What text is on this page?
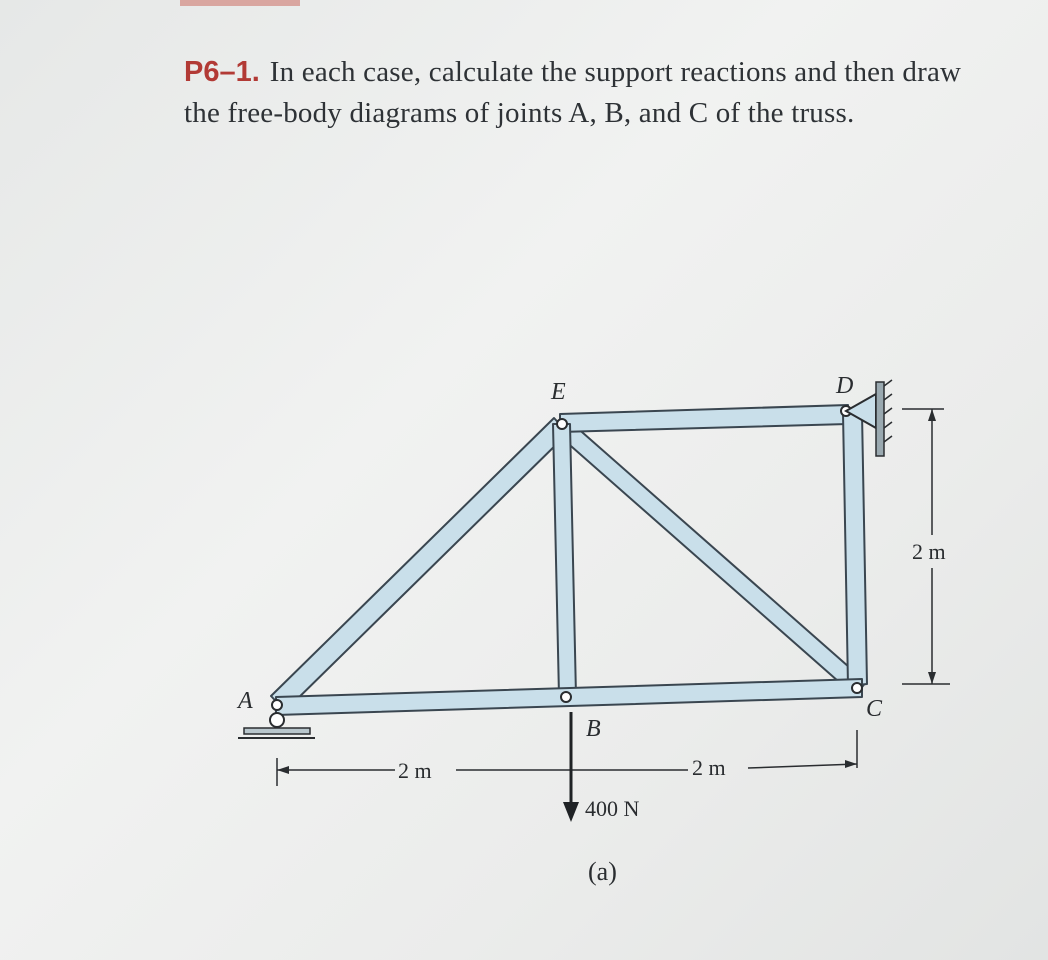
P6–1. In each case, calculate the support reactions and then draw the free-body diagrams of joints A, B, and C of the truss.
A
E	D
B
C
2 m	2 m
2 m
400 N
(a)
